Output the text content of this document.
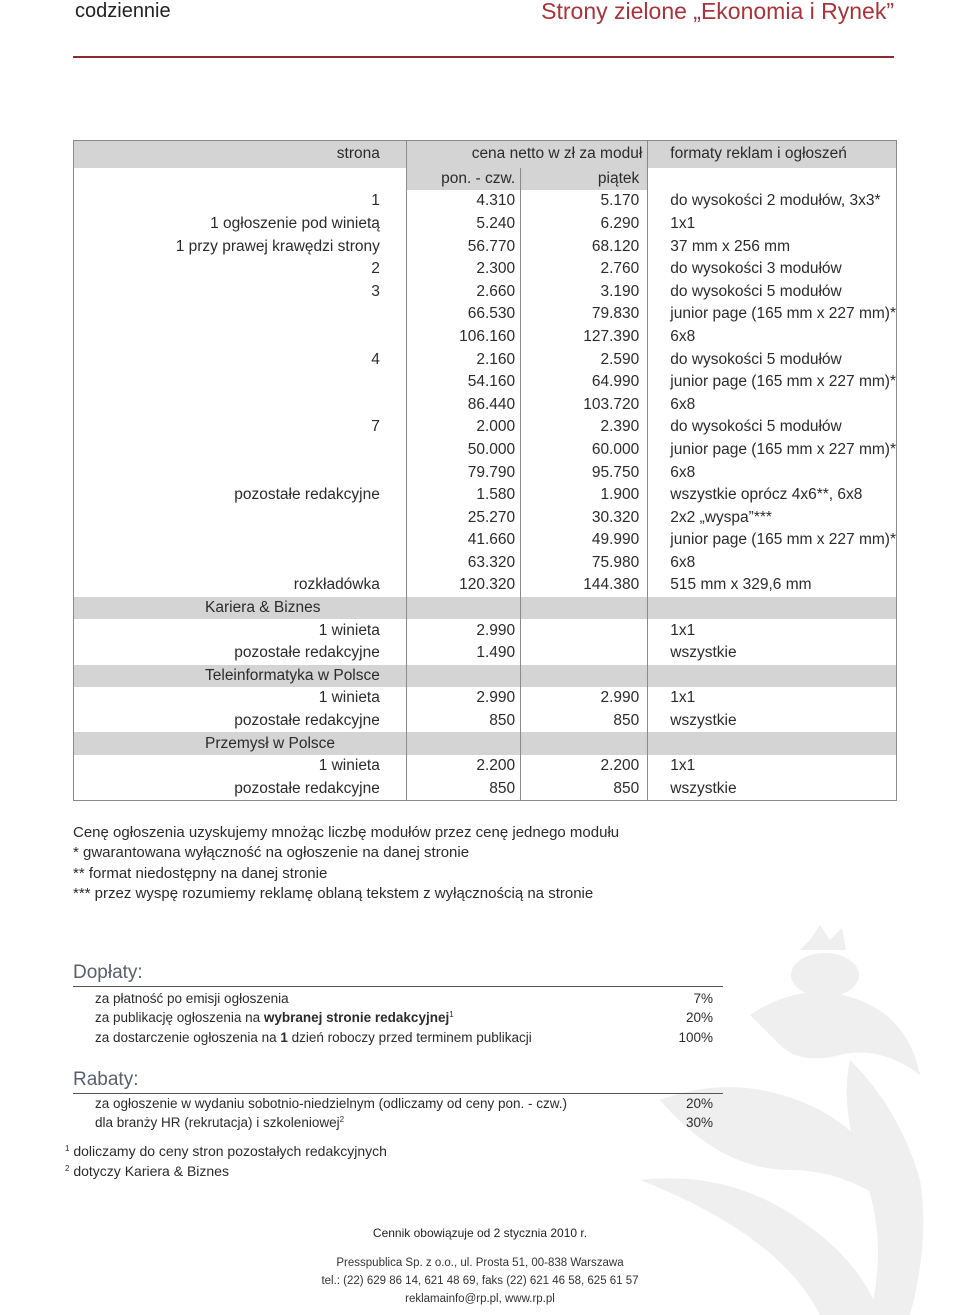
codziennie	Strony zielone „Ekonomia i Rynek”
strona	cena netto w zł za moduł		formaty reklam i ogłoszeń
	pon. - czw.	piątek	
1	4.310	5.170	do wysokości 2 modułów, 3x3*
1 ogłoszenie pod winietą	5.240	6.290	1x1
1 przy prawej krawędzi strony	56.770	68.120	37 mm x 256 mm
2	2.300	2.760	do wysokości 3 modułów
3	2.660	3.190	do wysokości 5 modułów
	66.530	79.830	junior page (165 mm x 227 mm)*
	106.160	127.390	6x8
4	2.160	2.590	do wysokości 5 modułów
	54.160	64.990	junior page (165 mm x 227 mm)*
	86.440	103.720	6x8
7	2.000	2.390	do wysokości 5 modułów
	50.000	60.000	junior page (165 mm x 227 mm)*
	79.790	95.750	6x8
pozostałe redakcyjne	1.580	1.900	wszystkie oprócz 4x6**, 6x8
	25.270	30.320	2x2 „wyspa”***
	41.660	49.990	junior page (165 mm x 227 mm)*
	63.320	75.980	6x8
rozkładówka	120.320	144.380	515 mm x 329,6 mm
Kariera & Biznes			
1 winieta	2.990		1x1
pozostałe redakcyjne	1.490		wszystkie
Teleinformatyka w Polsce			
1 winieta	2.990	2.990	1x1
pozostałe redakcyjne	850	850	wszystkie
Przemysł w Polsce			
1 winieta	2.200	2.200	1x1
pozostałe redakcyjne	850	850	wszystkie
Cenę ogłoszenia uzyskujemy mnożąc liczbę modułów przez cenę jednego modułu
* gwarantowana wyłączność na ogłoszenie na danej stronie
** format niedostępny na danej stronie
*** przez wyspę rozumiemy reklamę oblaną tekstem z wyłącznością na stronie
Dopłaty:
za płatność po emisji ogłoszenia	7%
za publikację ogłoszenia na wybranej stronie redakcyjnej$^1$	20%
za dostarczenie ogłoszenia na 1 dzień roboczy przed terminem publikacji	100%
Rabaty:
za ogłoszenie w wydaniu sobotnio-niedzielnym (odliczamy od ceny pon. - czw.)	20%
dla branży HR (rekrutacja) i szkoleniowej$^2$	30%
$^1$ doliczamy do ceny stron pozostałych redakcyjnych
$^2$ dotyczy Kariera & Biznes
Cennik obowiązuje od 2 stycznia 2010 r.
Presspublica Sp. z o.o., ul. Prosta 51, 00-838 Warszawa
tel.: (22) 629 86 14, 621 48 69, faks (22) 621 46 58, 625 61 57
reklamainfo@rp.pl, www.rp.pl
